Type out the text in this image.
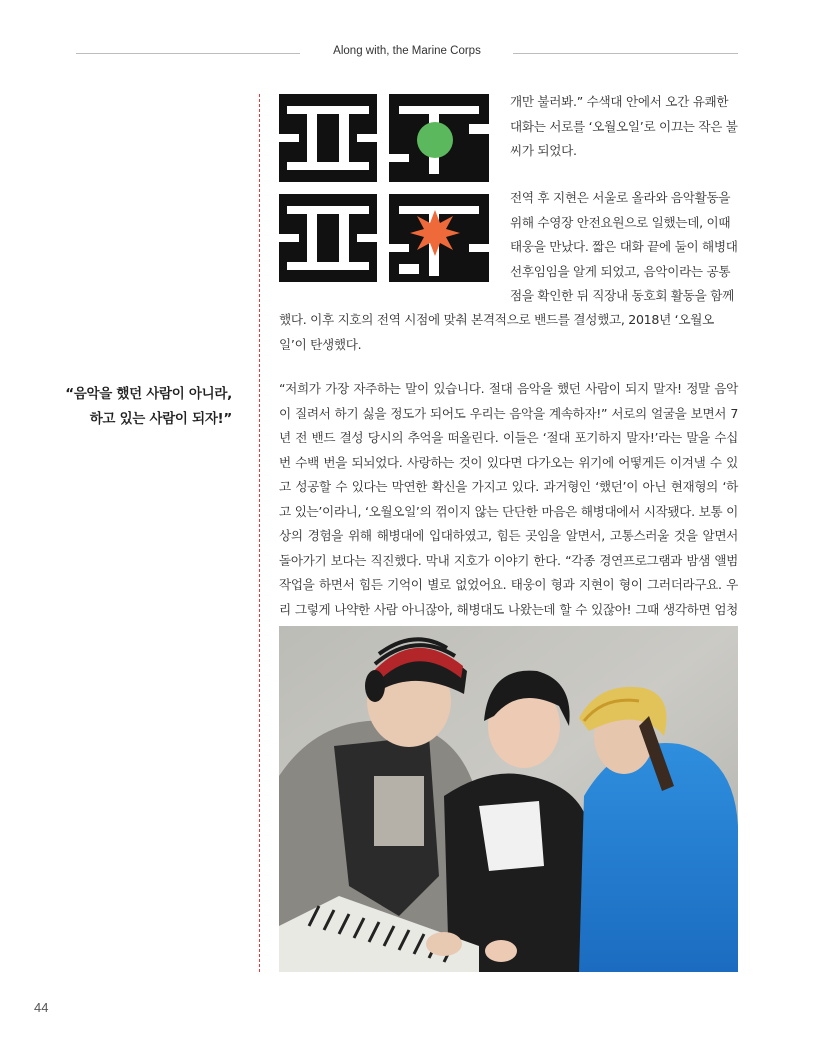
Along with, the Marine Corps

개만 불러봐.” 수색대 안에서 오간 유쾌한 대화는 서로를 ‘오월오일’로 이끄는 작은 불씨가 되었다.

전역 후 지현은 서울로 올라와 음악활동을 위해 수영장 안전요원으로 일했는데, 이때 태웅을 만났다. 짧은 대화 끝에 둘이 해병대 선후임임을 알게 되었고, 음악이라는 공통점을 확인한 뒤 직장내 동호회 활동을 함께

했다. 이후 지호의 전역 시점에 맞춰 본격적으로 밴드를 결성했고, 2018년 ‘오월오일’이 탄생했다.

“음악을 했던 사람이 아니라,
하고 있는 사람이 되자!”

“저희가 가장 자주하는 말이 있습니다. 절대 음악을 했던 사람이 되지 말자! 정말 음악이 질려서 하기 싫을 정도가 되어도 우리는 음악을 계속하자!” 서로의 얼굴을 보면서 7년 전 밴드 결성 당시의 추억을 떠올린다. 이들은 ‘절대 포기하지 말자!’라는 말을 수십번 수백 번을 되뇌었다. 사랑하는 것이 있다면 다가오는 위기에 어떻게든 이겨낼 수 있고 성공할 수 있다는 막연한 확신을 가지고 있다. 과거형인 ‘했던’이 아닌 현재형의 ‘하고 있는’이라니, ‘오월오일’의 꺾이지 않는 단단한 마음은 해병대에서 시작됐다. 보통 이상의 경험을 위해 해병대에 입대하였고, 힘든 곳임을 알면서, 고통스러울 것을 알면서 돌아가기 보다는 직진했다. 막내 지호가 이야기 한다. “각종 경연프로그램과 밤샘 앨범작업을 하면서 힘든 기억이 별로 없었어요. 태웅이 형과 지현이 형이 그러더라구요. 우리 그렇게 나약한 사람 아니잖아, 해병대도 나왔는데 할 수 있잖아! 그때 생각하면 엄청

44
